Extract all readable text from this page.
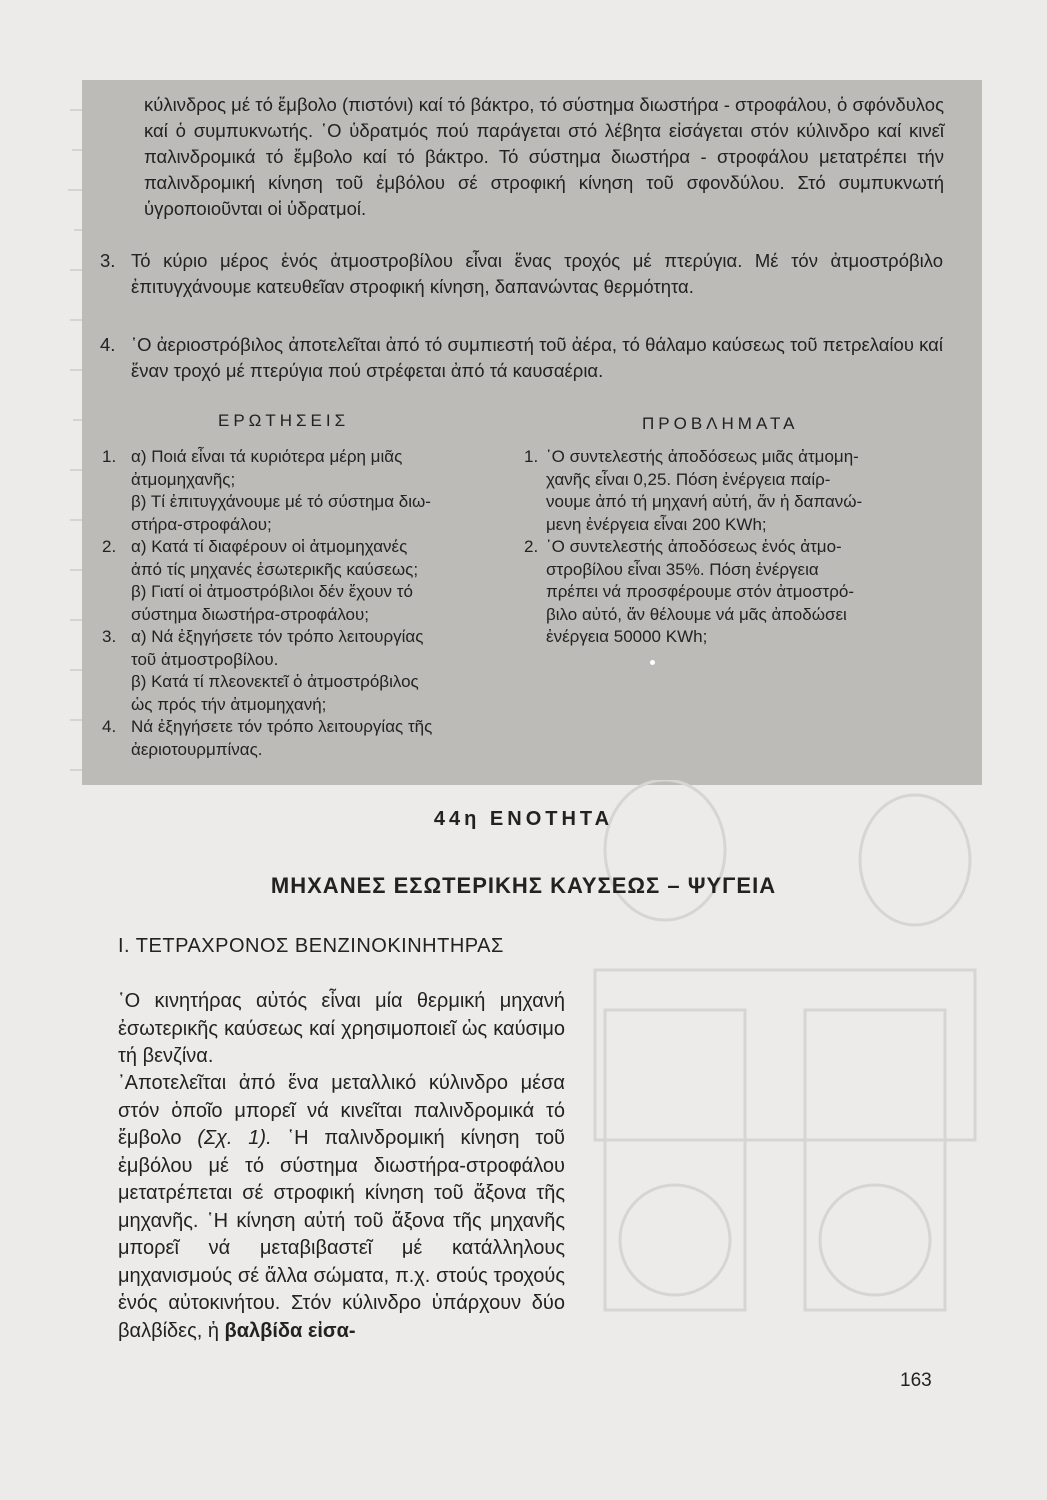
κύλινδρος μέ τό ἔμβολο (πιστόνι) καί τό βάκτρο, τό σύστημα διωστήρα - στροφάλου, ὁ σφόνδυλος καί ὁ συμπυκνωτής. ῾Ο ὑδρατμός πού παράγεται στό λέβητα εἰσάγεται στόν κύλινδρο καί κινεῖ παλινδρομικά τό ἔμβολο καί τό βάκτρο. Τό σύστημα διωστήρα - στροφάλου μετατρέπει τήν παλινδρομική κίνηση τοῦ ἐμβόλου σέ στροφική κίνηση τοῦ σφονδύλου. Στό συμπυκνωτή ὑγροποιοῦνται οἱ ὑδρατμοί.
3. Τό κύριο μέρος ἑνός ἀτμοστροβίλου εἶναι ἕνας τροχός μέ πτερύγια. Μέ τόν ἀτμοστρόβιλο ἐπιτυγχάνουμε κατευθεῖαν στροφική κίνηση, δαπανώντας θερμότητα.
4. ῾Ο ἀεριοστρόβιλος ἀποτελεῖται ἀπό τό συμπιεστή τοῦ ἀέρα, τό θάλαμο καύσεως τοῦ πετρελαίου καί ἕναν τροχό μέ πτερύγια πού στρέφεται ἀπό τά καυσαέρια.
ΕΡΩΤΗΣΕΙΣ
1. α) Ποιά εἶναι τά κυριότερα μέρη μιᾶς
ἀτμομηχανῆς;
β) Τί ἐπιτυγχάνουμε μέ τό σύστημα διω-
στήρα-στροφάλου;
2. α) Κατά τί διαφέρουν οἱ ἀτμομηχανές
ἀπό τίς μηχανές ἐσωτερικῆς καύσεως;
β) Γιατί οἱ ἀτμοστρόβιλοι δέν ἔχουν τό
σύστημα διωστήρα-στροφάλου;
3. α) Νά ἐξηγήσετε τόν τρόπο λειτουργίας
τοῦ ἀτμοστροβίλου.
β) Κατά τί πλεονεκτεῖ ὁ ἀτμοστρόβιλος
ὡς πρός τήν ἀτμομηχανή;
4. Νά ἐξηγήσετε τόν τρόπο λειτουργίας τῆς
ἀεριοτουρμπίνας.
ΠΡΟΒΛΗΜΑΤΑ
1. ῾Ο συντελεστής ἀποδόσεως μιᾶς ἀτμομη-
χανῆς εἶναι 0,25. Πόση ἐνέργεια παίρ-
νουμε ἀπό τή μηχανή αὐτή, ἄν ἡ δαπανώ-
μενη ἐνέργεια εἶναι 200 KWh;
2. ῾Ο συντελεστής ἀποδόσεως ἑνός ἀτμο-
στροβίλου εἶναι 35%. Πόση ἐνέργεια
πρέπει νά προσφέρουμε στόν ἀτμοστρό-
βιλο αὐτό, ἄν θέλουμε νά μᾶς ἀποδώσει
ἐνέργεια 50000 KWh;
44η ΕΝΟΤΗΤΑ
ΜΗΧΑΝΕΣ ΕΣΩΤΕΡΙΚΗΣ ΚΑΥΣΕΩΣ – ΨΥΓΕΙΑ
Ι. ΤΕΤΡΑΧΡΟΝΟΣ ΒΕΝΖΙΝΟΚΙΝΗΤΗΡΑΣ
῾Ο κινητήρας αὐτός εἶναι μία θερμική μηχανή ἐσωτερικῆς καύσεως καί χρησιμοποιεῖ ὡς καύσιμο τή βενζίνα.
᾿Αποτελεῖται ἀπό ἕνα μεταλλικό κύλινδρο μέσα στόν ὁποῖο μπορεῖ νά κινεῖται παλινδρομικά τό ἔμβολο (Σχ. 1). ῾Η παλινδρομική κίνηση τοῦ ἐμβόλου μέ τό σύστημα διωστήρα-στροφάλου μετατρέπεται σέ στροφική κίνηση τοῦ ἄξονα τῆς μηχανῆς. ῾Η κίνηση αὐτή τοῦ ἄξονα τῆς μηχανῆς μπορεῖ νά μεταβιβαστεῖ μέ κατάλληλους μηχανισμούς σέ ἄλλα σώματα, π.χ. στούς τροχούς ἑνός αὐτοκινήτου. Στόν κύλινδρο ὑπάρχουν δύο βαλβίδες, ἡ βαλβίδα εἰσα-
163
